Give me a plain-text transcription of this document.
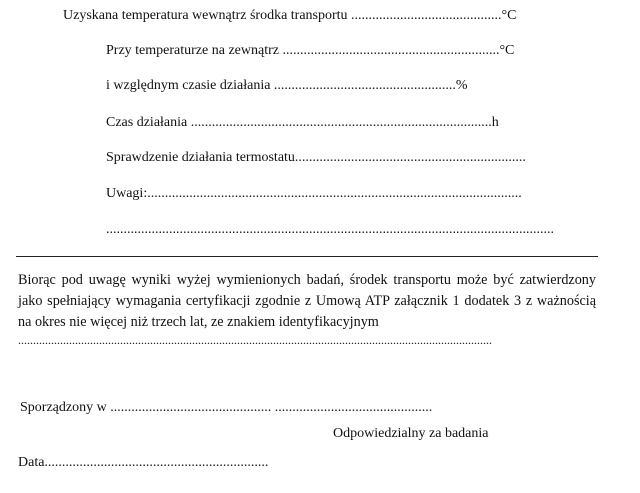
Uzyskana temperatura wewnątrz środka transportu ...........................................°C
Przy temperaturze na zewnątrz ..............................................................°C
i względnym czasie działania ....................................................%
Czas działania ......................................................................................h
Sprawdzenie działania termostatu..................................................................
Uwagi:...........................................................................................................
................................................................................................................................
Biorąc pod uwagę wyniki wyżej wymienionych badań, środek transportu może być zatwierdzony jako spełniający wymagania certyfikacji zgodnie z Umową ATP załącznik 1 dodatek 3 z ważnością na okres nie więcej niż trzech lat, ze znakiem identyfikacyjnym
..............................................................................................................................................................
Sporządzony w .............................................. .............................................
Odpowiedzialny za badania
Data................................................................
